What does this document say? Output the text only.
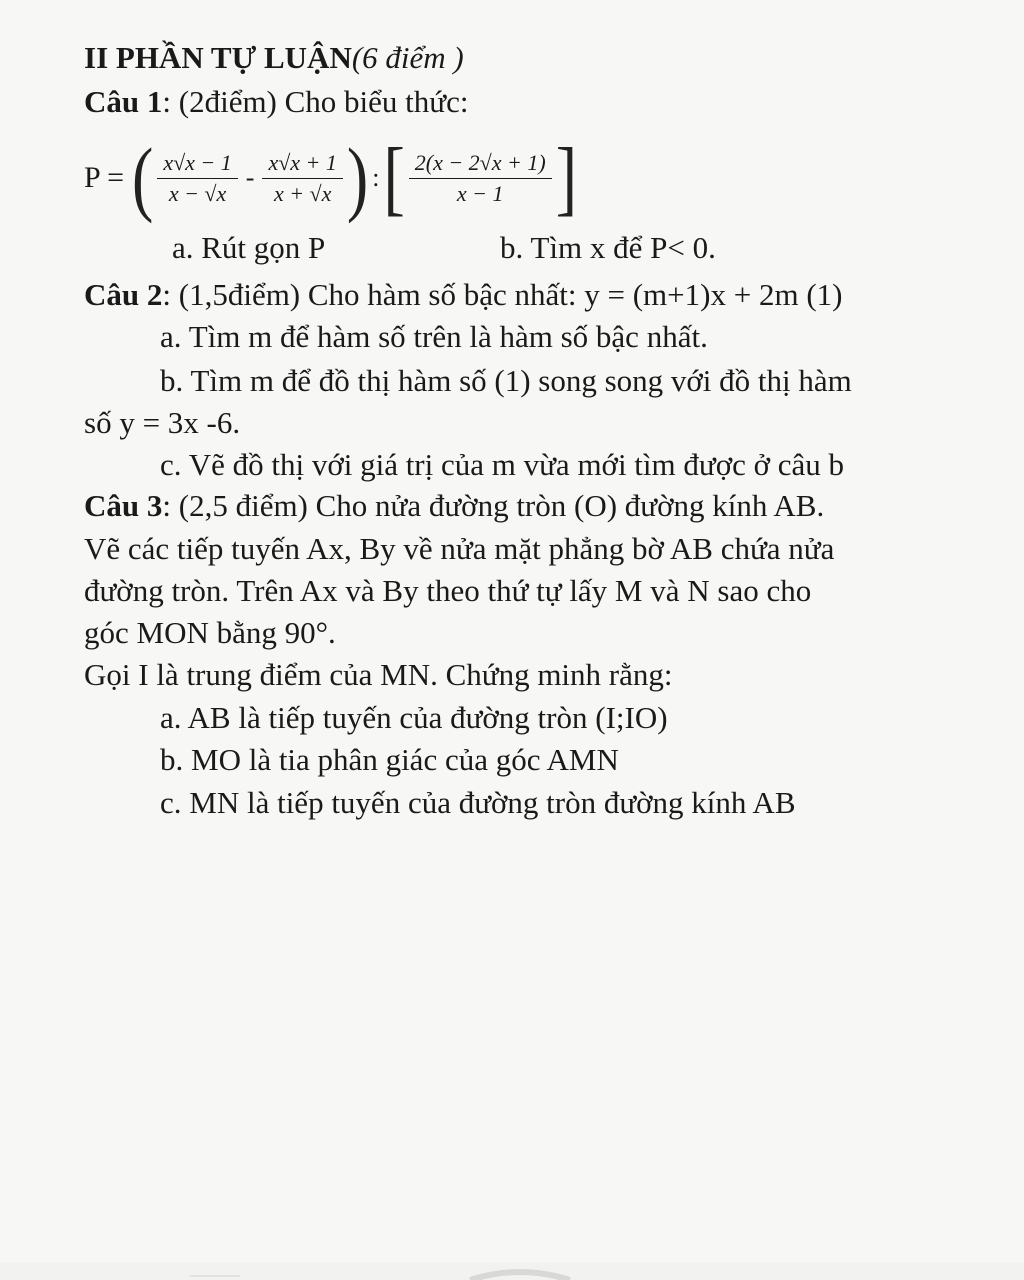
II PHẦN TỰ LUẬN(6 điểm )
Câu 1: (2điểm) Cho biểu thức:
P = ( $\frac{x√x - 1}{x - √x} - \frac{x√x + 1}{x + √x}$ ) : [ $\frac{2(x - 2√x + 1)}{x - 1}$ ]
a. Rút gọn P	b. Tìm x để P< 0.
Câu 2: (1,5điểm) Cho hàm số bậc nhất: y = (m+1)x + 2m (1)
a. Tìm m để hàm số trên là hàm số bậc nhất.
b. Tìm m để đồ thị hàm số (1) song song với đồ thị hàm
số y = 3x -6.
c. Vẽ đồ thị với giá trị của m vừa mới tìm được ở câu b
Câu 3: (2,5 điểm) Cho nửa đường tròn (O) đường kính AB.
Vẽ các tiếp tuyến Ax, By về nửa mặt phẳng bờ AB chứa nửa
đường tròn. Trên Ax và By theo thứ tự lấy M và N sao cho
góc MON bằng 90°.
Gọi I là trung điểm của MN. Chứng minh rằng:
a. AB là tiếp tuyến của đường tròn (I;IO)
b. MO là tia phân giác của góc AMN
c. MN là tiếp tuyến của đường tròn đường kính AB
